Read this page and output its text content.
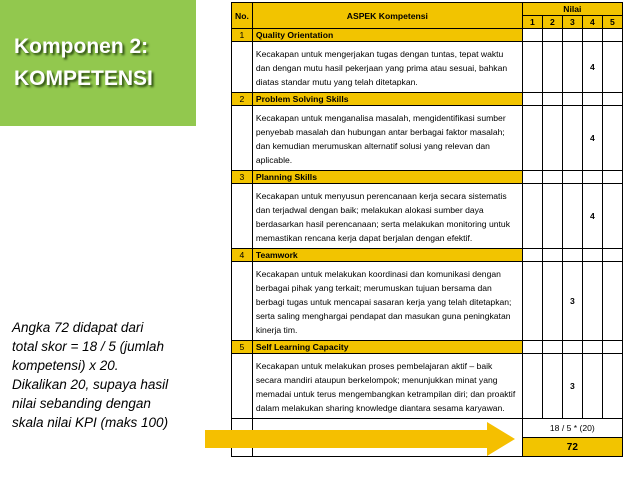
Komponen 2:
KOMPETENSI
Angka 72 didapat dari
total skor = 18 / 5 (jumlah
kompetensi) x 20.
Dikalikan 20, supaya hasil
nilai sebanding dengan
skala nilai KPI (maks 100)
No.	ASPEK Kompetensi	Nilai				
		1	2	3	4	5
1	Quality Orientation					
	Kecakapan untuk mengerjakan tugas dengan tuntas, tepat waktu dan dengan mutu hasil pekerjaan yang prima atau sesuai, bahkan diatas standar mutu yang telah ditetapkan.				4	
2	Problem Solving Skills					
	Kecakapan untuk menganalisa masalah, mengidentifikasi sumber penyebab masalah dan hubungan antar berbagai faktor masalah; dan kemudian merumuskan alternatif solusi yang relevan dan aplicable.				4	
3	Planning Skills					
	Kecakapan untuk menyusun perencanaan kerja secara sistematis dan terjadwal dengan baik; melakukan alokasi sumber daya berdasarkan hasil perencanaan; serta melakukan monitoring untuk memastikan rencana kerja dapat berjalan dengan efektif.				4	
4	Teamwork					
	Kecakapan untuk melakukan koordinasi dan komunikasi dengan berbagai pihak yang terkait; merumuskan tujuan bersama dan berbagi tugas untuk mencapai sasaran kerja yang telah ditetapkan; serta saling menghargai pendapat dan masukan guna peningkatan kinerja tim.			3		
5	Self Learning Capacity					
	Kecakapan untuk melakukan proses pembelajaran aktif – baik secara mandiri ataupun berkelompok; menunjukkan minat yang memadai untuk terus mengembangkan ketrampilan diri; dan proaktif dalam melakukan sharing knowledge diantara sesama karyawan.			3		
		18 / 5 * (20)				
		72				
